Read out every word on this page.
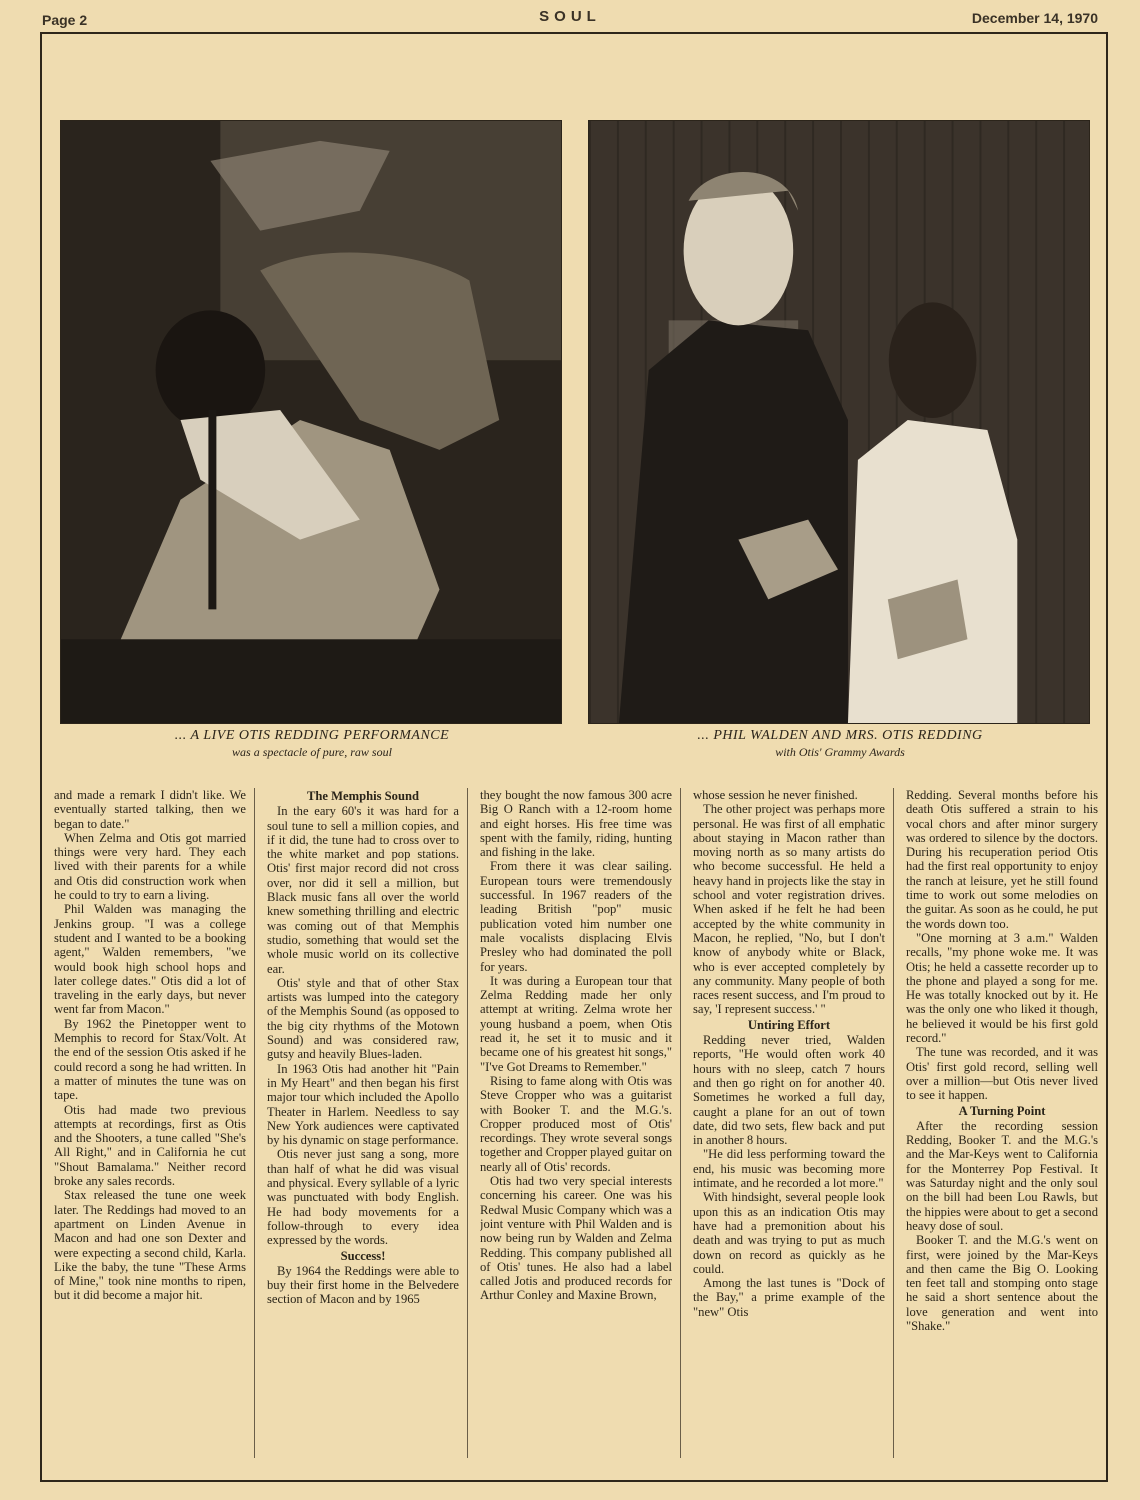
Page 2	SOUL	December 14, 1970
... A LIVE OTIS REDDING PERFORMANCE
was a spectacle of pure, raw soul
... PHIL WALDEN AND MRS. OTIS REDDING
with Otis' Grammy Awards

and made a remark I didn't like. We eventually started talking, then we began to date."

When Zelma and Otis got married things were very hard. They each lived with their parents for a while and Otis did construction work when he could to try to earn a living.

Phil Walden was managing the Jenkins group. "I was a college student and I wanted to be a booking agent," Walden remembers, "we would book high school hops and later college dates." Otis did a lot of traveling in the early days, but never went far from Macon."

By 1962 the Pinetopper went to Memphis to record for Stax/Volt. At the end of the session Otis asked if he could record a song he had written. In a matter of minutes the tune was on tape.

Otis had made two previous attempts at recordings, first as Otis and the Shooters, a tune called "She's All Right," and in California he cut "Shout Bamalama." Neither record broke any sales records.

Stax released the tune one week later. The Reddings had moved to an apartment on Linden Avenue in Macon and had one son Dexter and were expecting a second child, Karla. Like the baby, the tune "These Arms of Mine," took nine months to ripen, but it did become a major hit.

The Memphis Sound

In the eary 60's it was hard for a soul tune to sell a million copies, and if it did, the tune had to cross over to the white market and pop stations. Otis' first major record did not cross over, nor did it sell a million, but Black music fans all over the world knew something thrilling and electric was coming out of that Memphis studio, something that would set the whole music world on its collective ear.

Otis' style and that of other Stax artists was lumped into the category of the Memphis Sound (as opposed to the big city rhythms of the Motown Sound) and was considered raw, gutsy and heavily Blues-laden.

In 1963 Otis had another hit "Pain in My Heart" and then began his first major tour which included the Apollo Theater in Harlem. Needless to say New York audiences were captivated by his dynamic on stage performance.

Otis never just sang a song, more than half of what he did was visual and physical. Every syllable of a lyric was punctuated with body English. He had body movements for a follow-through to every idea expressed by the words.

Success!

By 1964 the Reddings were able to buy their first home in the Belvedere section of Macon and by 1965

they bought the now famous 300 acre Big O Ranch with a 12-room home and eight horses. His free time was spent with the family, riding, hunting and fishing in the lake.

From there it was clear sailing. European tours were tremendously successful. In 1967 readers of the leading British "pop" music publication voted him number one male vocalists displacing Elvis Presley who had dominated the poll for years.

It was during a European tour that Zelma Redding made her only attempt at writing. Zelma wrote her young husband a poem, when Otis read it, he set it to music and it became one of his greatest hit songs," "I've Got Dreams to Remember."

Rising to fame along with Otis was Steve Cropper who was a guitarist with Booker T. and the M.G.'s. Cropper produced most of Otis' recordings. They wrote several songs together and Cropper played guitar on nearly all of Otis' records.

Otis had two very special interests concerning his career. One was his Redwal Music Company which was a joint venture with Phil Walden and is now being run by Walden and Zelma Redding. This company published all of Otis' tunes. He also had a label called Jotis and produced records for Arthur Conley and Maxine Brown,

whose session he never finished.

The other project was perhaps more personal. He was first of all emphatic about staying in Macon rather than moving north as so many artists do who become successful. He held a heavy hand in projects like the stay in school and voter registration drives. When asked if he felt he had been accepted by the white community in Macon, he replied, "No, but I don't know of anybody white or Black, who is ever accepted completely by any community. Many people of both races resent success, and I'm proud to say, 'I represent success.' "

Untiring Effort

Redding never tried, Walden reports, "He would often work 40 hours with no sleep, catch 7 hours and then go right on for another 40. Sometimes he worked a full day, caught a plane for an out of town date, did two sets, flew back and put in another 8 hours.

"He did less performing toward the end, his music was becoming more intimate, and he recorded a lot more."

With hindsight, several people look upon this as an indication Otis may have had a premonition about his death and was trying to put as much down on record as quickly as he could.

Among the last tunes is "Dock of the Bay," a prime example of the "new" Otis

Redding. Several months before his death Otis suffered a strain to his vocal chors and after minor surgery was ordered to silence by the doctors. During his recuperation period Otis had the first real opportunity to enjoy the ranch at leisure, yet he still found time to work out some melodies on the guitar. As soon as he could, he put the words down too.

"One morning at 3 a.m." Walden recalls, "my phone woke me. It was Otis; he held a cassette recorder up to the phone and played a song for me. He was totally knocked out by it. He was the only one who liked it though, he believed it would be his first gold record."

The tune was recorded, and it was Otis' first gold record, selling well over a million—but Otis never lived to see it happen.

A Turning Point

After the recording session Redding, Booker T. and the M.G.'s and the Mar-Keys went to California for the Monterrey Pop Festival. It was Saturday night and the only soul on the bill had been Lou Rawls, but the hippies were about to get a second heavy dose of soul.

Booker T. and the M.G.'s went on first, were joined by the Mar-Keys and then came the Big O. Looking ten feet tall and stomping onto stage he said a short sentence about the love generation and went into "Shake."
